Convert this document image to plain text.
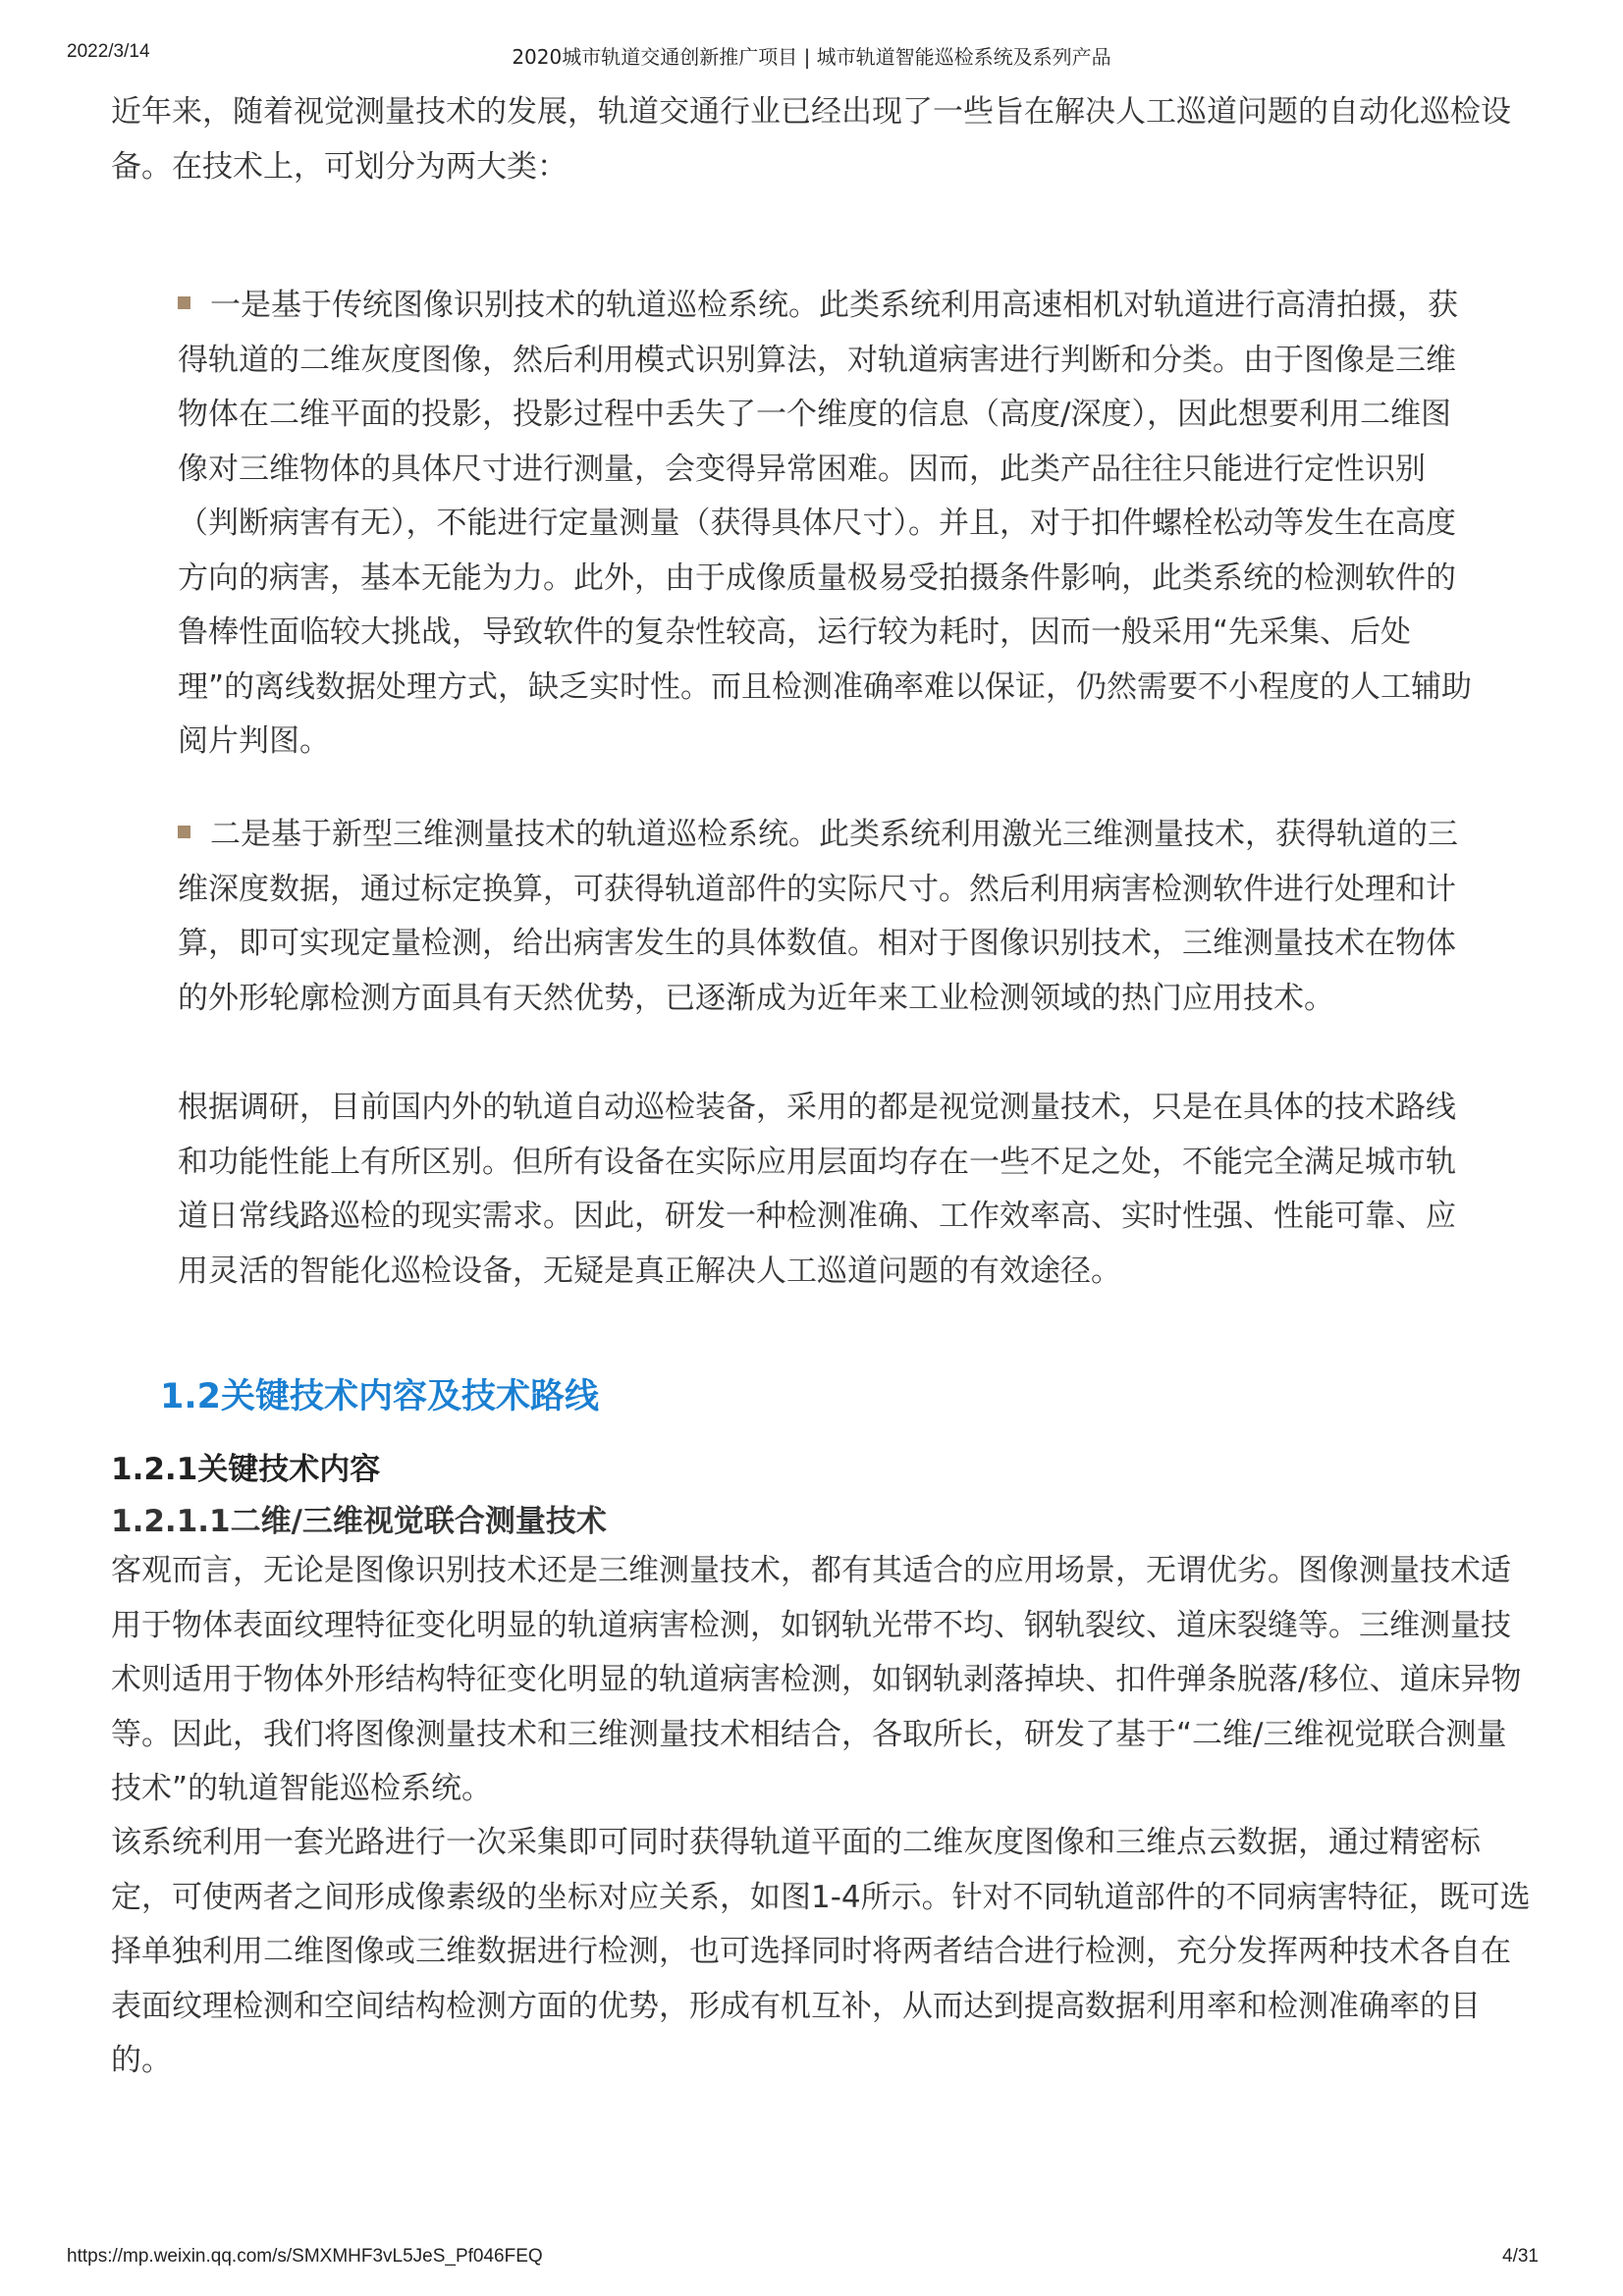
2022/3/14	2020城市轨道交通创新推广项目 | 城市轨道智能巡检系统及系列产品

近年来，随着视觉测量技术的发展，轨道交通行业已经出现了一些旨在解决人工巡道问题的自动化巡检设备。在技术上，可划分为两大类：

一是基于传统图像识别技术的轨道巡检系统。此类系统利用高速相机对轨道进行高清拍摄，获得轨道的二维灰度图像，然后利用模式识别算法，对轨道病害进行判断和分类。由于图像是三维物体在二维平面的投影，投影过程中丢失了一个维度的信息（高度/深度），因此想要利用二维图像对三维物体的具体尺寸进行测量，会变得异常困难。因而，此类产品往往只能进行定性识别（判断病害有无），不能进行定量测量（获得具体尺寸）。并且，对于扣件螺栓松动等发生在高度方向的病害，基本无能为力。此外，由于成像质量极易受拍摄条件影响，此类系统的检测软件的鲁棒性面临较大挑战，导致软件的复杂性较高，运行较为耗时，因而一般采用“先采集、后处理”的离线数据处理方式，缺乏实时性。而且检测准确率难以保证，仍然需要不小程度的人工辅助阅片判图。

二是基于新型三维测量技术的轨道巡检系统。此类系统利用激光三维测量技术，获得轨道的三维深度数据，通过标定换算，可获得轨道部件的实际尺寸。然后利用病害检测软件进行处理和计算，即可实现定量检测，给出病害发生的具体数值。相对于图像识别技术，三维测量技术在物体的外形轮廓检测方面具有天然优势，已逐渐成为近年来工业检测领域的热门应用技术。

根据调研，目前国内外的轨道自动巡检装备，采用的都是视觉测量技术，只是在具体的技术路线和功能性能上有所区别。但所有设备在实际应用层面均存在一些不足之处，不能完全满足城市轨道日常线路巡检的现实需求。因此，研发一种检测准确、工作效率高、实时性强、性能可靠、应用灵活的智能化巡检设备，无疑是真正解决人工巡道问题的有效途径。

1.2关键技术内容及技术路线
1.2.1关键技术内容
1.2.1.1二维/三维视觉联合测量技术

客观而言，无论是图像识别技术还是三维测量技术，都有其适合的应用场景，无谓优劣。图像测量技术适用于物体表面纹理特征变化明显的轨道病害检测，如钢轨光带不均、钢轨裂纹、道床裂缝等。三维测量技术则适用于物体外形结构特征变化明显的轨道病害检测，如钢轨剥落掉块、扣件弹条脱落/移位、道床异物等。因此，我们将图像测量技术和三维测量技术相结合，各取所长，研发了基于“二维/三维视觉联合测量技术”的轨道智能巡检系统。

该系统利用一套光路进行一次采集即可同时获得轨道平面的二维灰度图像和三维点云数据，通过精密标定，可使两者之间形成像素级的坐标对应关系，如图1-4所示。针对不同轨道部件的不同病害特征，既可选择单独利用二维图像或三维数据进行检测，也可选择同时将两者结合进行检测，充分发挥两种技术各自在表面纹理检测和空间结构检测方面的优势，形成有机互补，从而达到提高数据利用率和检测准确率的目的。

https://mp.weixin.qq.com/s/SMXMHF3vL5JeS_Pf046FEQ	4/31
